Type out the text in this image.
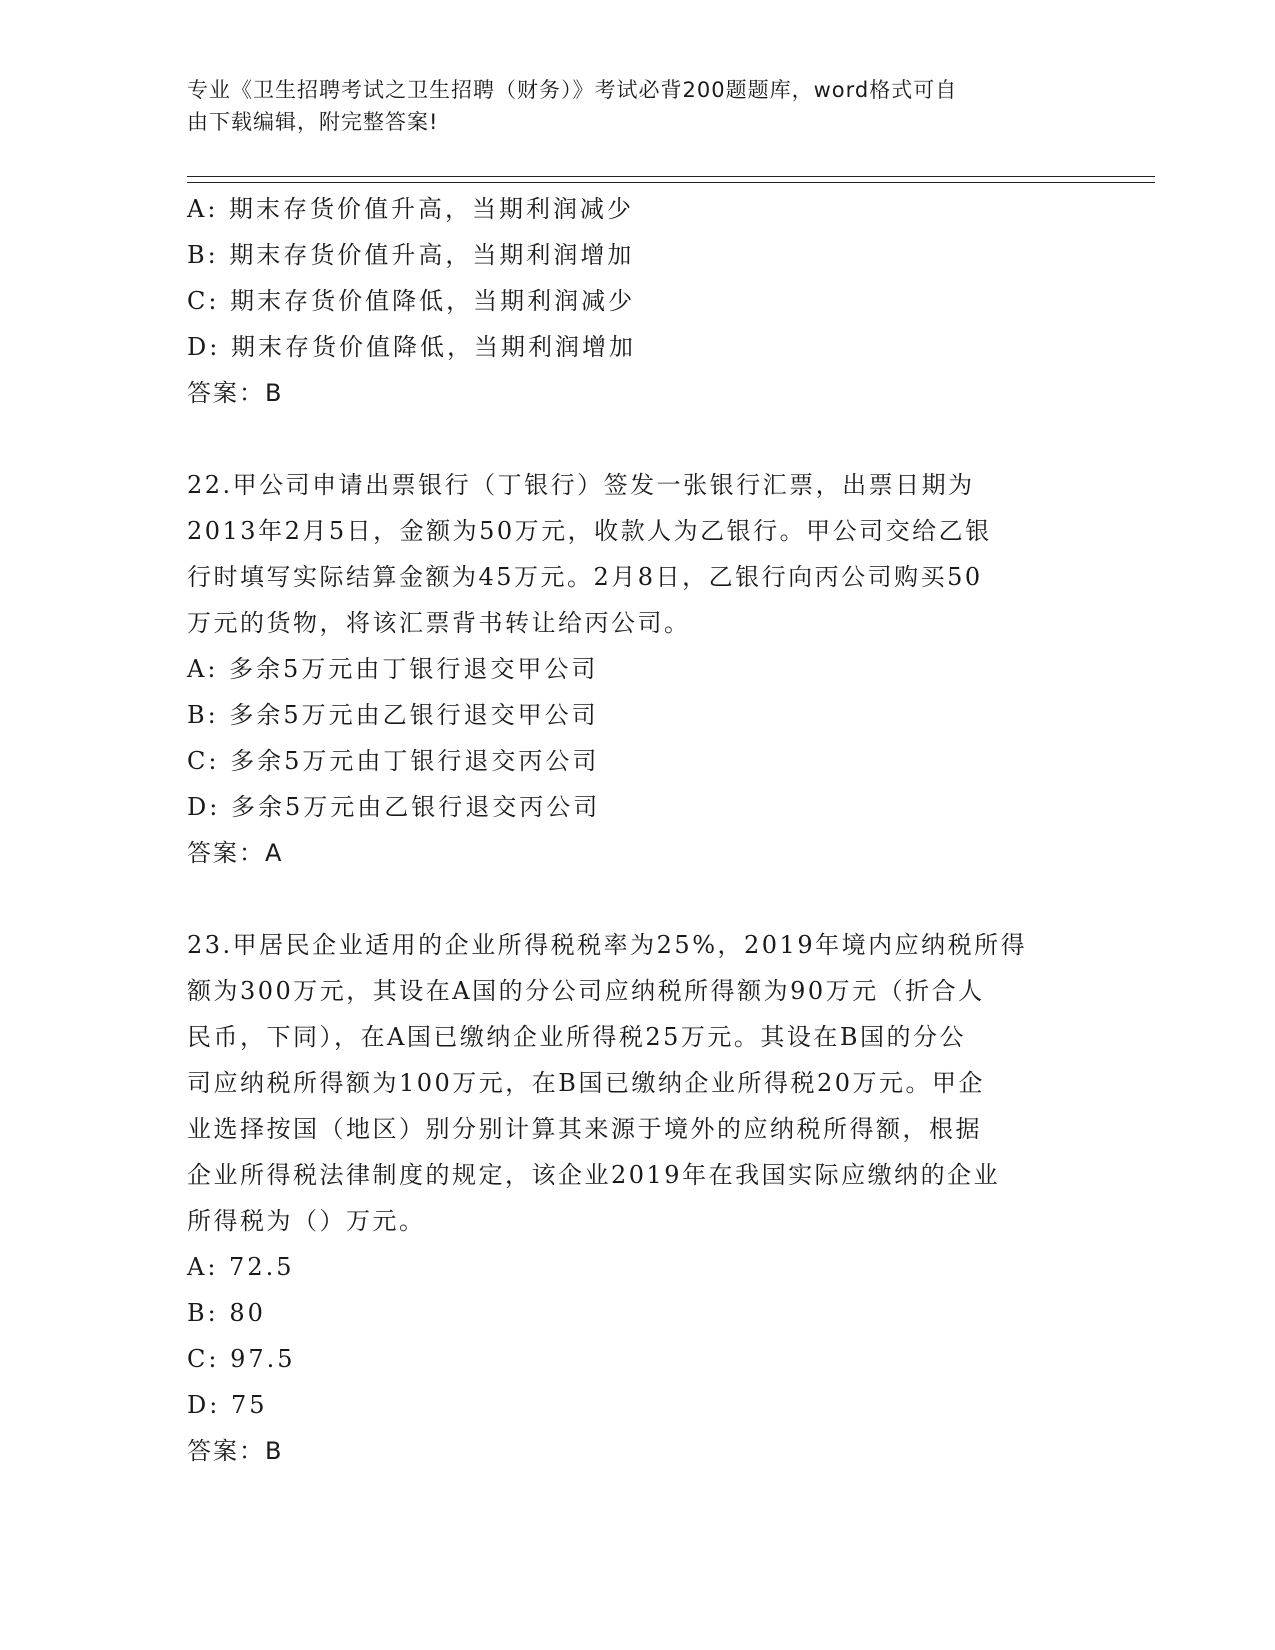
专业《卫生招聘考试之卫生招聘（财务）》考试必背200题题库，word格式可自
由下载编辑，附完整答案!
A: 期末存货价值升高，当期利润减少
B: 期末存货价值升高，当期利润增加
C: 期末存货价值降低，当期利润减少
D: 期末存货价值降低，当期利润增加
答案：B
22.甲公司申请出票银行（丁银行）签发一张银行汇票，出票日期为
2013年2月5日，金额为50万元，收款人为乙银行。甲公司交给乙银
行时填写实际结算金额为45万元。2月8日，乙银行向丙公司购买50
万元的货物，将该汇票背书转让给丙公司。
A: 多余5万元由丁银行退交甲公司
B: 多余5万元由乙银行退交甲公司
C: 多余5万元由丁银行退交丙公司
D: 多余5万元由乙银行退交丙公司
答案：A
23.甲居民企业适用的企业所得税税率为25%，2019年境内应纳税所得
额为300万元，其设在A国的分公司应纳税所得额为90万元（折合人
民币，下同），在A国已缴纳企业所得税25万元。其设在B国的分公
司应纳税所得额为100万元，在B国已缴纳企业所得税20万元。甲企
业选择按国（地区）别分别计算其来源于境外的应纳税所得额，根据
企业所得税法律制度的规定，该企业2019年在我国实际应缴纳的企业
所得税为（）万元。
A: 72.5
B: 80
C: 97.5
D: 75
答案：B
